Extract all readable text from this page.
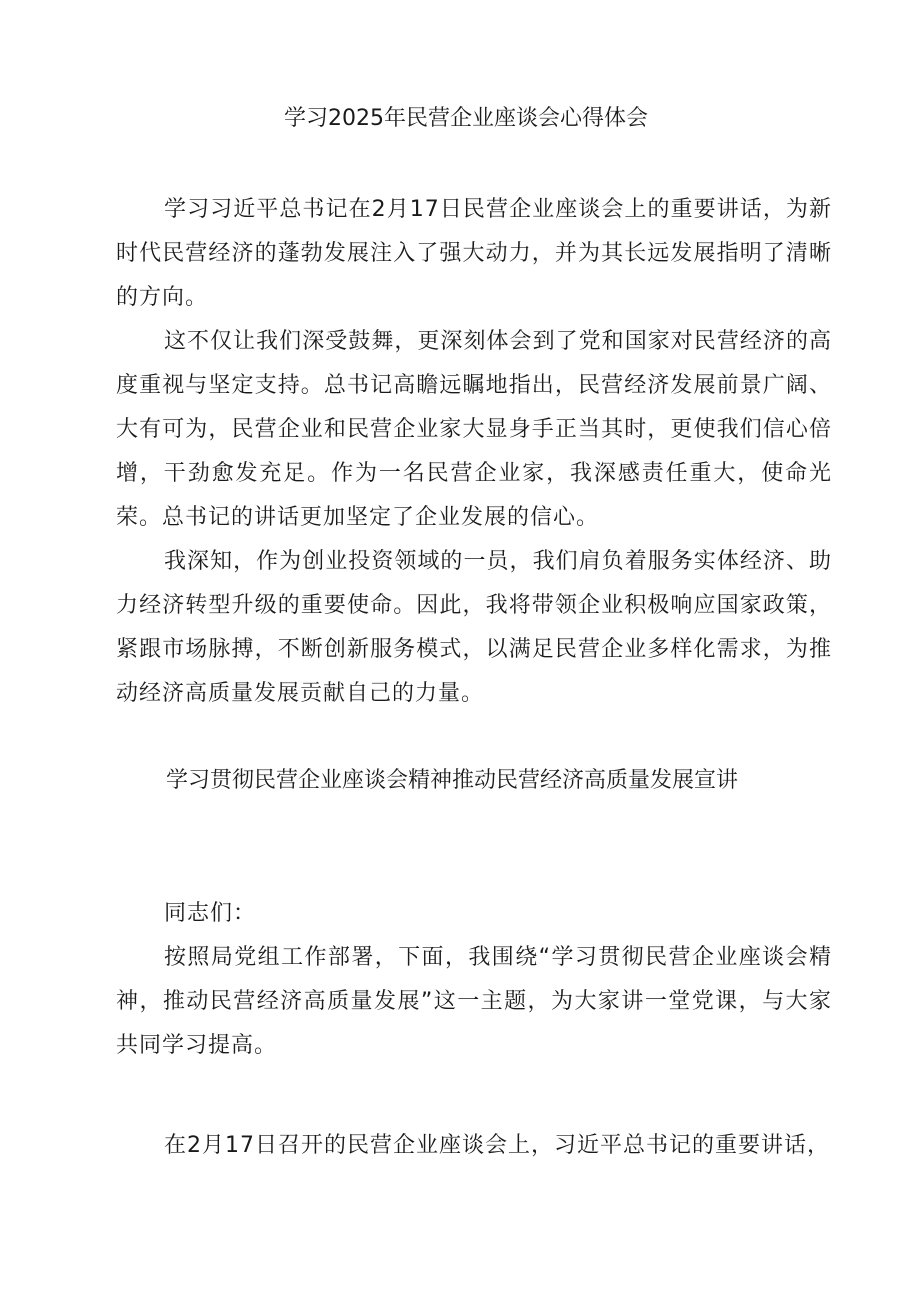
学习2025年民营企业座谈会心得体会

学习习近平总书记在2月17日民营企业座谈会上的重要讲话，为新时代民营经济的蓬勃发展注入了强大动力，并为其长远发展指明了清晰的方向。

这不仅让我们深受鼓舞，更深刻体会到了党和国家对民营经济的高度重视与坚定支持。总书记高瞻远瞩地指出，民营经济发展前景广阔、大有可为，民营企业和民营企业家大显身手正当其时，更使我们信心倍增，干劲愈发充足。作为一名民营企业家，我深感责任重大，使命光荣。总书记的讲话更加坚定了企业发展的信心。

我深知，作为创业投资领域的一员，我们肩负着服务实体经济、助力经济转型升级的重要使命。因此，我将带领企业积极响应国家政策，紧跟市场脉搏，不断创新服务模式，以满足民营企业多样化需求，为推动经济高质量发展贡献自己的力量。

学习贯彻民营企业座谈会精神推动民营经济高质量发展宣讲

同志们：

按照局党组工作部署，下面，我围绕“学习贯彻民营企业座谈会精神，推动民营经济高质量发展”这一主题，为大家讲一堂党课，与大家共同学习提高。

在2月17日召开的民营企业座谈会上，习近平总书记的重要讲话，
